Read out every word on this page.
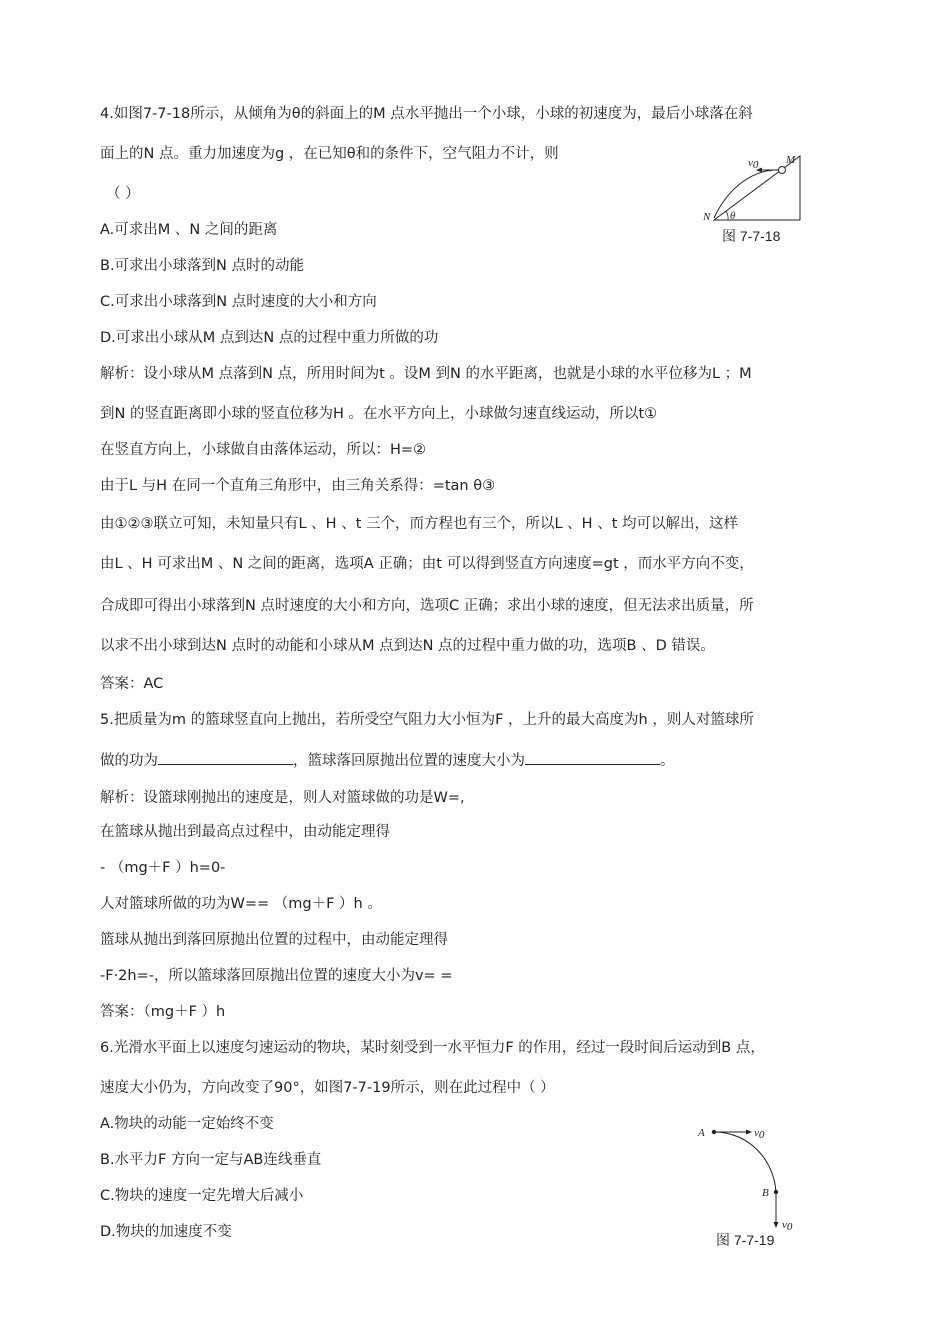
4.如图7-7-18所示，从倾角为θ的斜面上的M 点水平抛出一个小球，小球的初速度为，最后小球落在斜
面上的N 点。重力加速度为g ，在已知θ和的条件下，空气阻力不计，则
（ ）
A.可求出M 、N 之间的距离
B.可求出小球落到N 点时的动能
C.可求出小球落到N 点时速度的大小和方向
D.可求出小球从M 点到达N 点的过程中重力所做的功
解析：设小球从M 点落到N 点，所用时间为t 。设M 到N 的水平距离，也就是小球的水平位移为L ；M
到N 的竖直距离即小球的竖直位移为H 。在水平方向上，小球做匀速直线运动，所以t①
在竖直方向上，小球做自由落体运动，所以：H=②
由于L 与H 在同一个直角三角形中，由三角关系得：=tan θ③
由①②③联立可知，未知量只有L 、H 、t 三个，而方程也有三个，所以L 、H 、t 均可以解出，这样
由L 、H 可求出M 、N 之间的距离，选项A 正确；由t 可以得到竖直方向速度=gt ，而水平方向不变，
合成即可得出小球落到N 点时速度的大小和方向，选项C 正确；求出小球的速度，但无法求出质量，所
以求不出小球到达N 点时的动能和小球从M 点到达N 点的过程中重力做的功，选项B 、D 错误。
答案：AC
M
N θ
v0
图 7-7-18
5.把质量为m 的篮球竖直向上抛出，若所受空气阻力大小恒为F ，上升的最大高度为h ，则人对篮球所
做的功为	，篮球落回原抛出位置的速度大小为	。
解析：设篮球刚抛出的速度是，则人对篮球做的功是W=,
在篮球从抛出到最高点过程中，由动能定理得
- （mg＋F ）h=0-
人对篮球所做的功为W== （mg＋F ）h 。
篮球从抛出到落回原抛出位置的过程中，由动能定理得
-F·2h=-，所以篮球落回原抛出位置的速度大小为v= =
答案：（mg＋F ）h
6.光滑水平面上以速度匀速运动的物块，某时刻受到一水平恒力F 的作用，经过一段时间后运动到B 点，
速度大小仍为，方向改变了90°，如图7-7-19所示，则在此过程中（ ）
A.物块的动能一定始终不变
B.水平力F 方向一定与AB连线垂直
C.物块的速度一定先增大后减小
D.物块的加速度不变
A
B
v0
v0
图 7-7-19
